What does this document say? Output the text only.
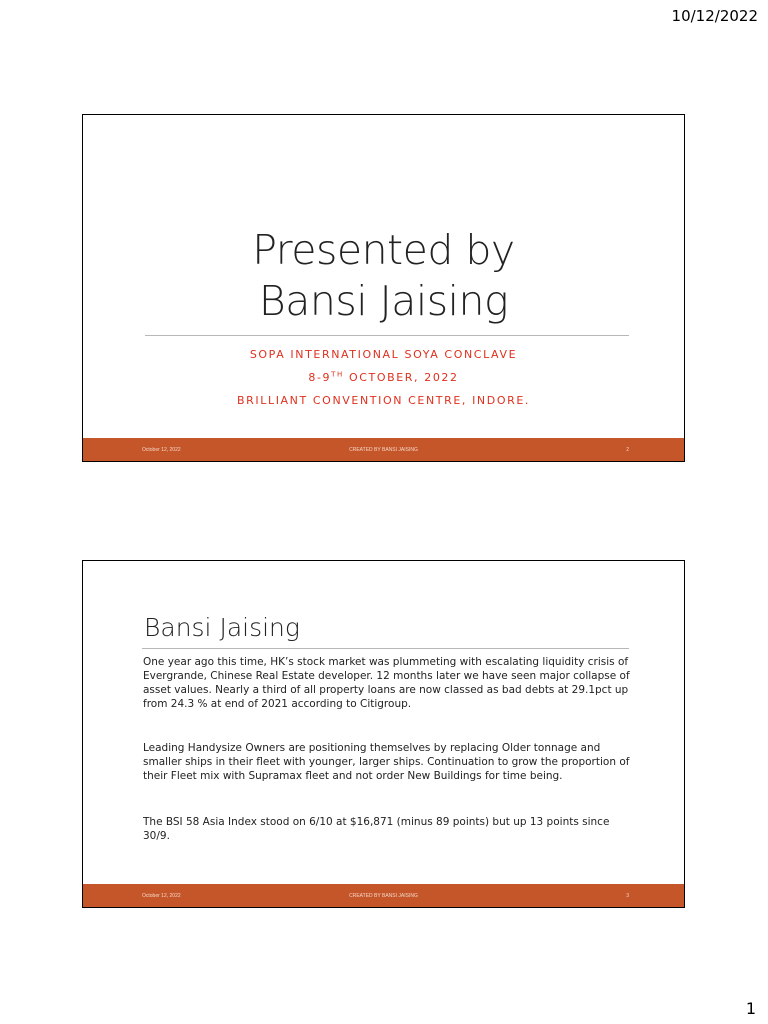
10/12/2022
Presented by
Bansi Jaising
SOPA INTERNATIONAL SOYA CONCLAVE
8-9TH OCTOBER, 2022
BRILLIANT CONVENTION CENTRE, INDORE.
October 12, 2022	CREATED BY BANSI JAISING	2
Bansi Jaising

One year ago this time, HK’s stock market was plummeting with escalating liquidity crisis of Evergrande, Chinese Real Estate developer. 12 months later we have seen major collapse of asset values. Nearly a third of all property loans are now classed as bad debts at 29.1pct up from 24.3 % at end of 2021 according to Citigroup.

Leading Handysize Owners are positioning themselves by replacing Older tonnage and smaller ships in their fleet with younger, larger ships. Continuation to grow the proportion of their Fleet mix with Supramax fleet and not order New Buildings for time being.

The BSI 58 Asia Index stood on 6/10 at $16,871 (minus 89 points) but up 13 points since 30/9.

October 12, 2022	CREATED BY BANSI JAISING	3
1
